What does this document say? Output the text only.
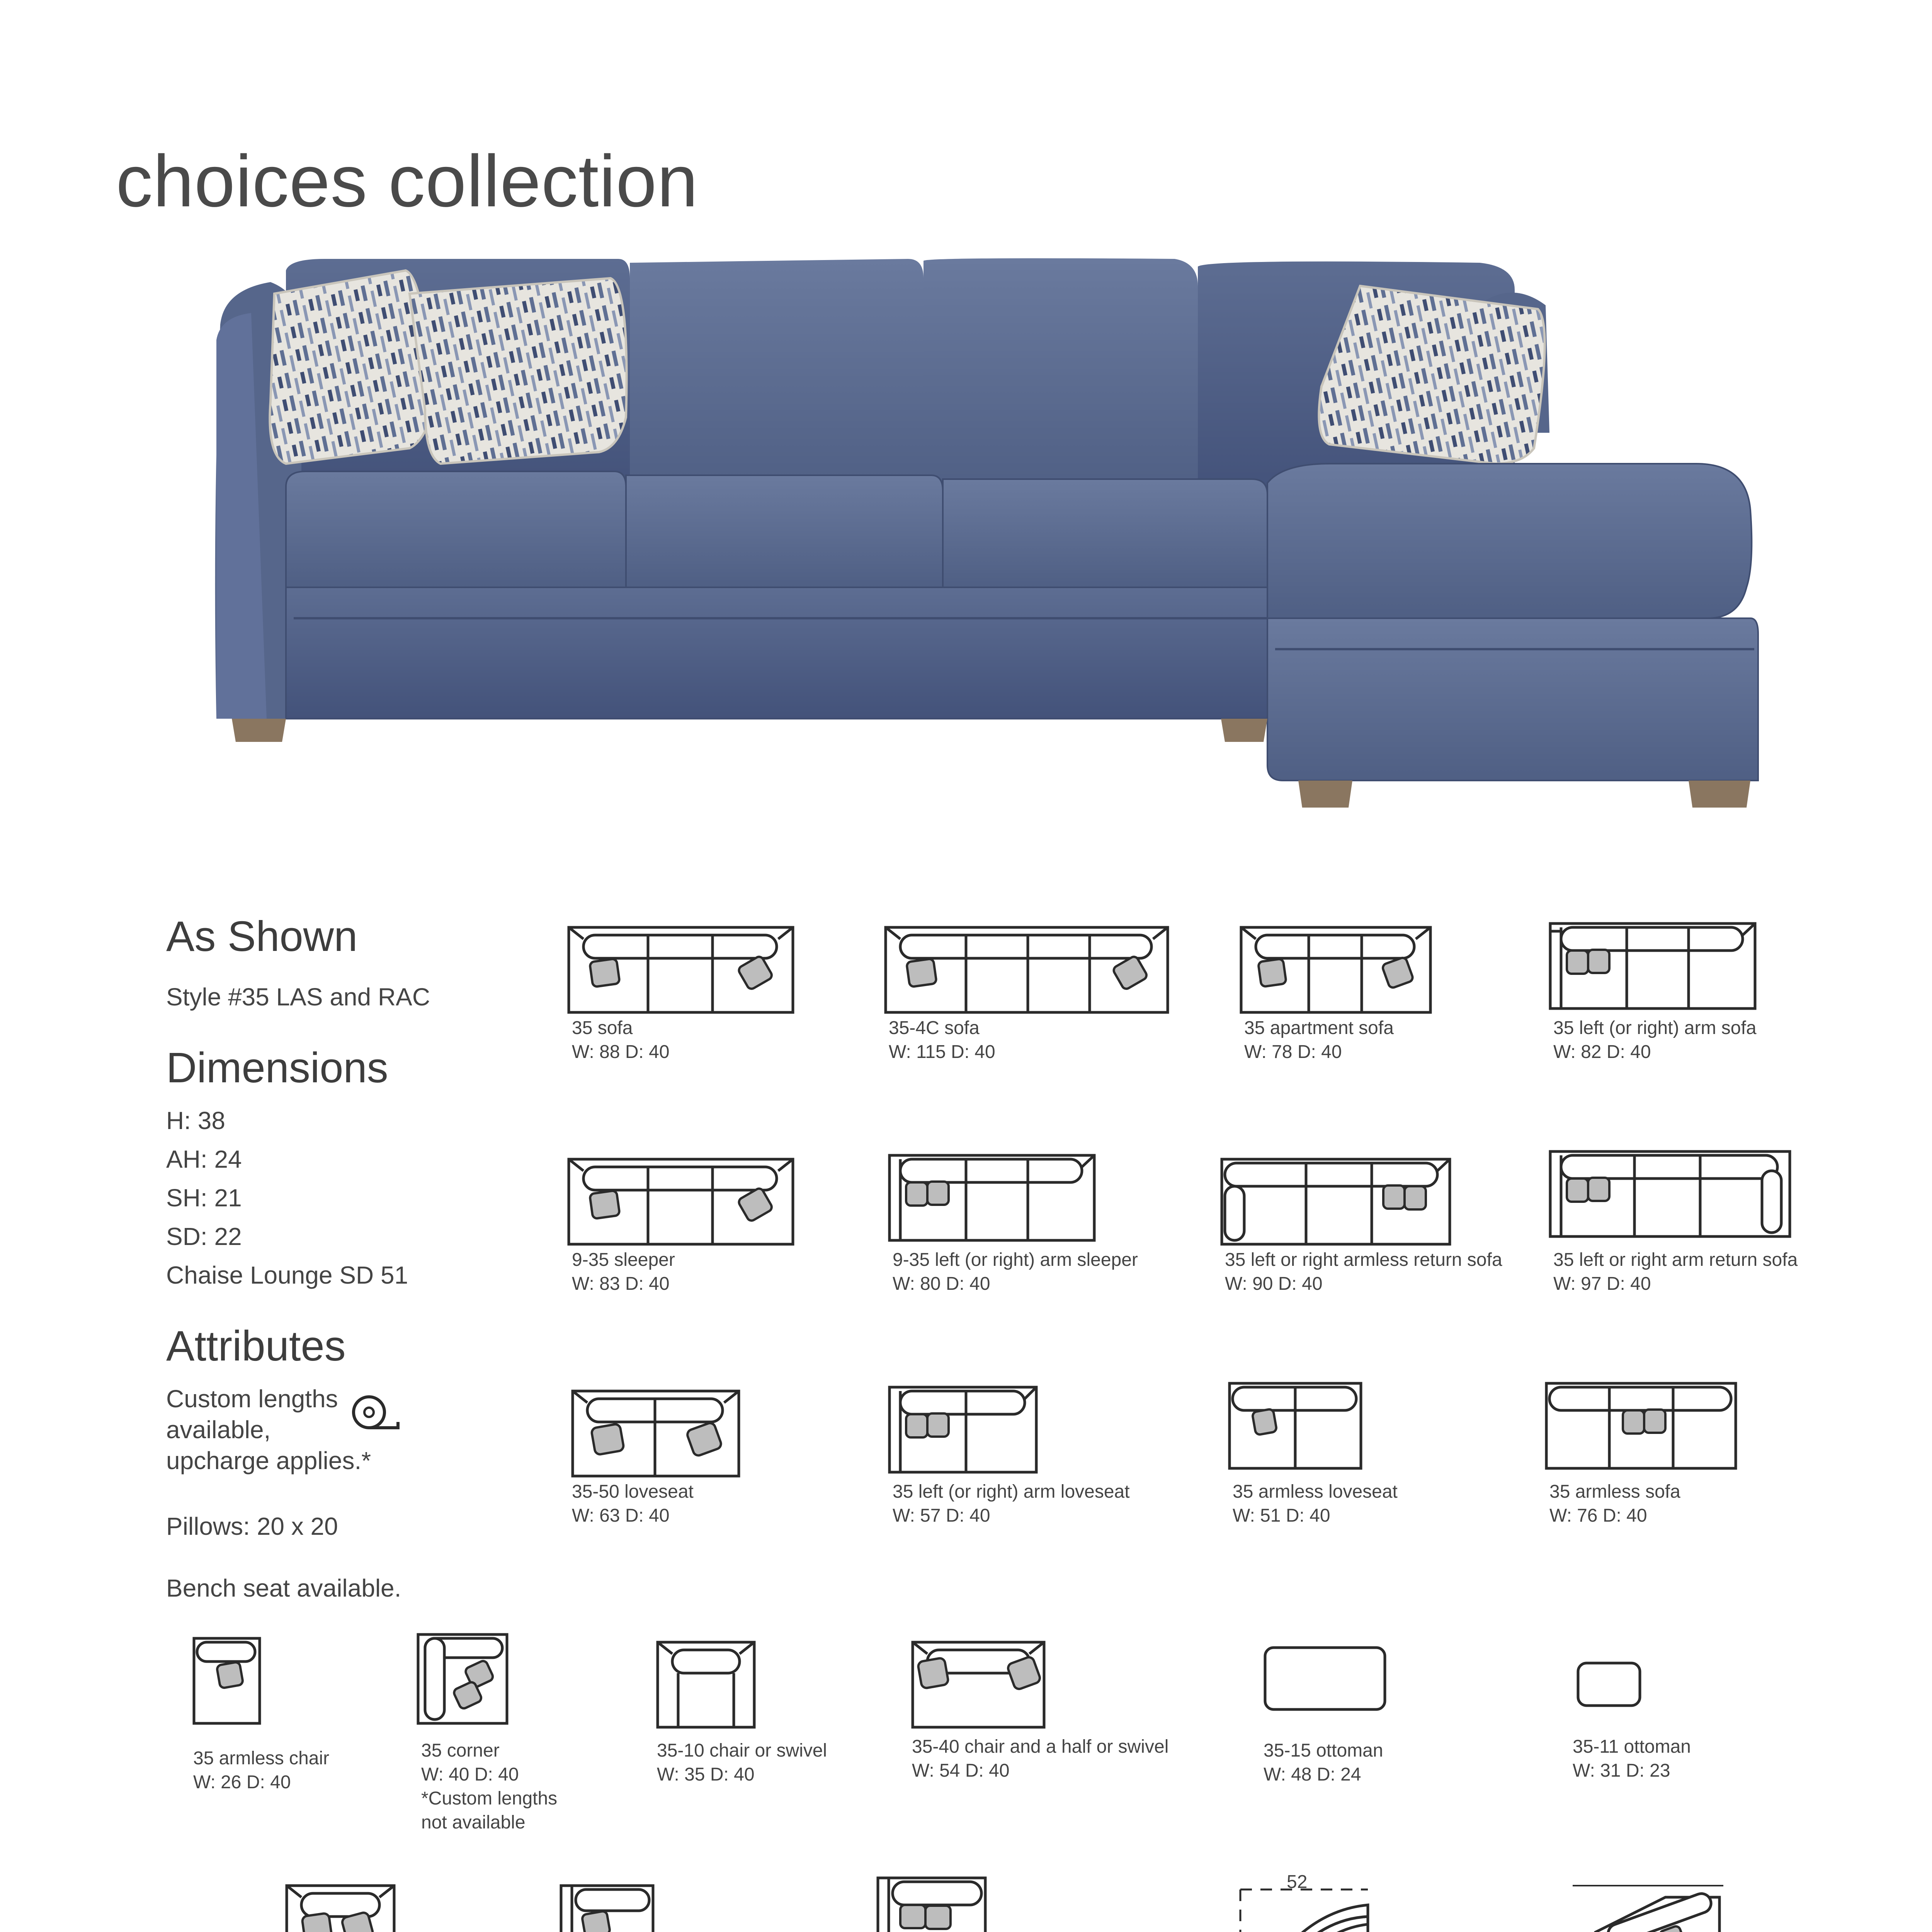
choices collection
As Shown
Style #35 LAS and RAC
Dimensions
H: 38
AH: 24
SH: 21
SD: 22
Chaise Lounge SD 51
Attributes
Custom lengths
available,
upcharge applies.*
Pillows: 20 x 20
Bench seat available.
35 sofa
W: 88 D: 40
35-4C sofa
W: 115 D: 40
35 apartment sofa
W: 78 D: 40
35 left (or right) arm sofa
W: 82 D: 40
9-35 sleeper
W: 83 D: 40
9-35 left (or right) arm sleeper
W: 80 D: 40
35 left or right armless return sofa
W: 90 D: 40
35 left or right arm return sofa
W: 97 D: 40
35-50 loveseat
W: 63 D: 40
35 left (or right) arm loveseat
W: 57 D: 40
35 armless loveseat
W: 51 D: 40
35 armless sofa
W: 76 D: 40
35 armless chair
W: 26 D: 40
35 corner
W: 40 D: 40
*Custom lengths
not available
35-10 chair or swivel
W: 35 D: 40
35-40 chair and a half or swivel
W: 54 D: 40
35-15 ottoman
W: 48 D: 24
35-11 ottoman
W: 31 D: 23
52
